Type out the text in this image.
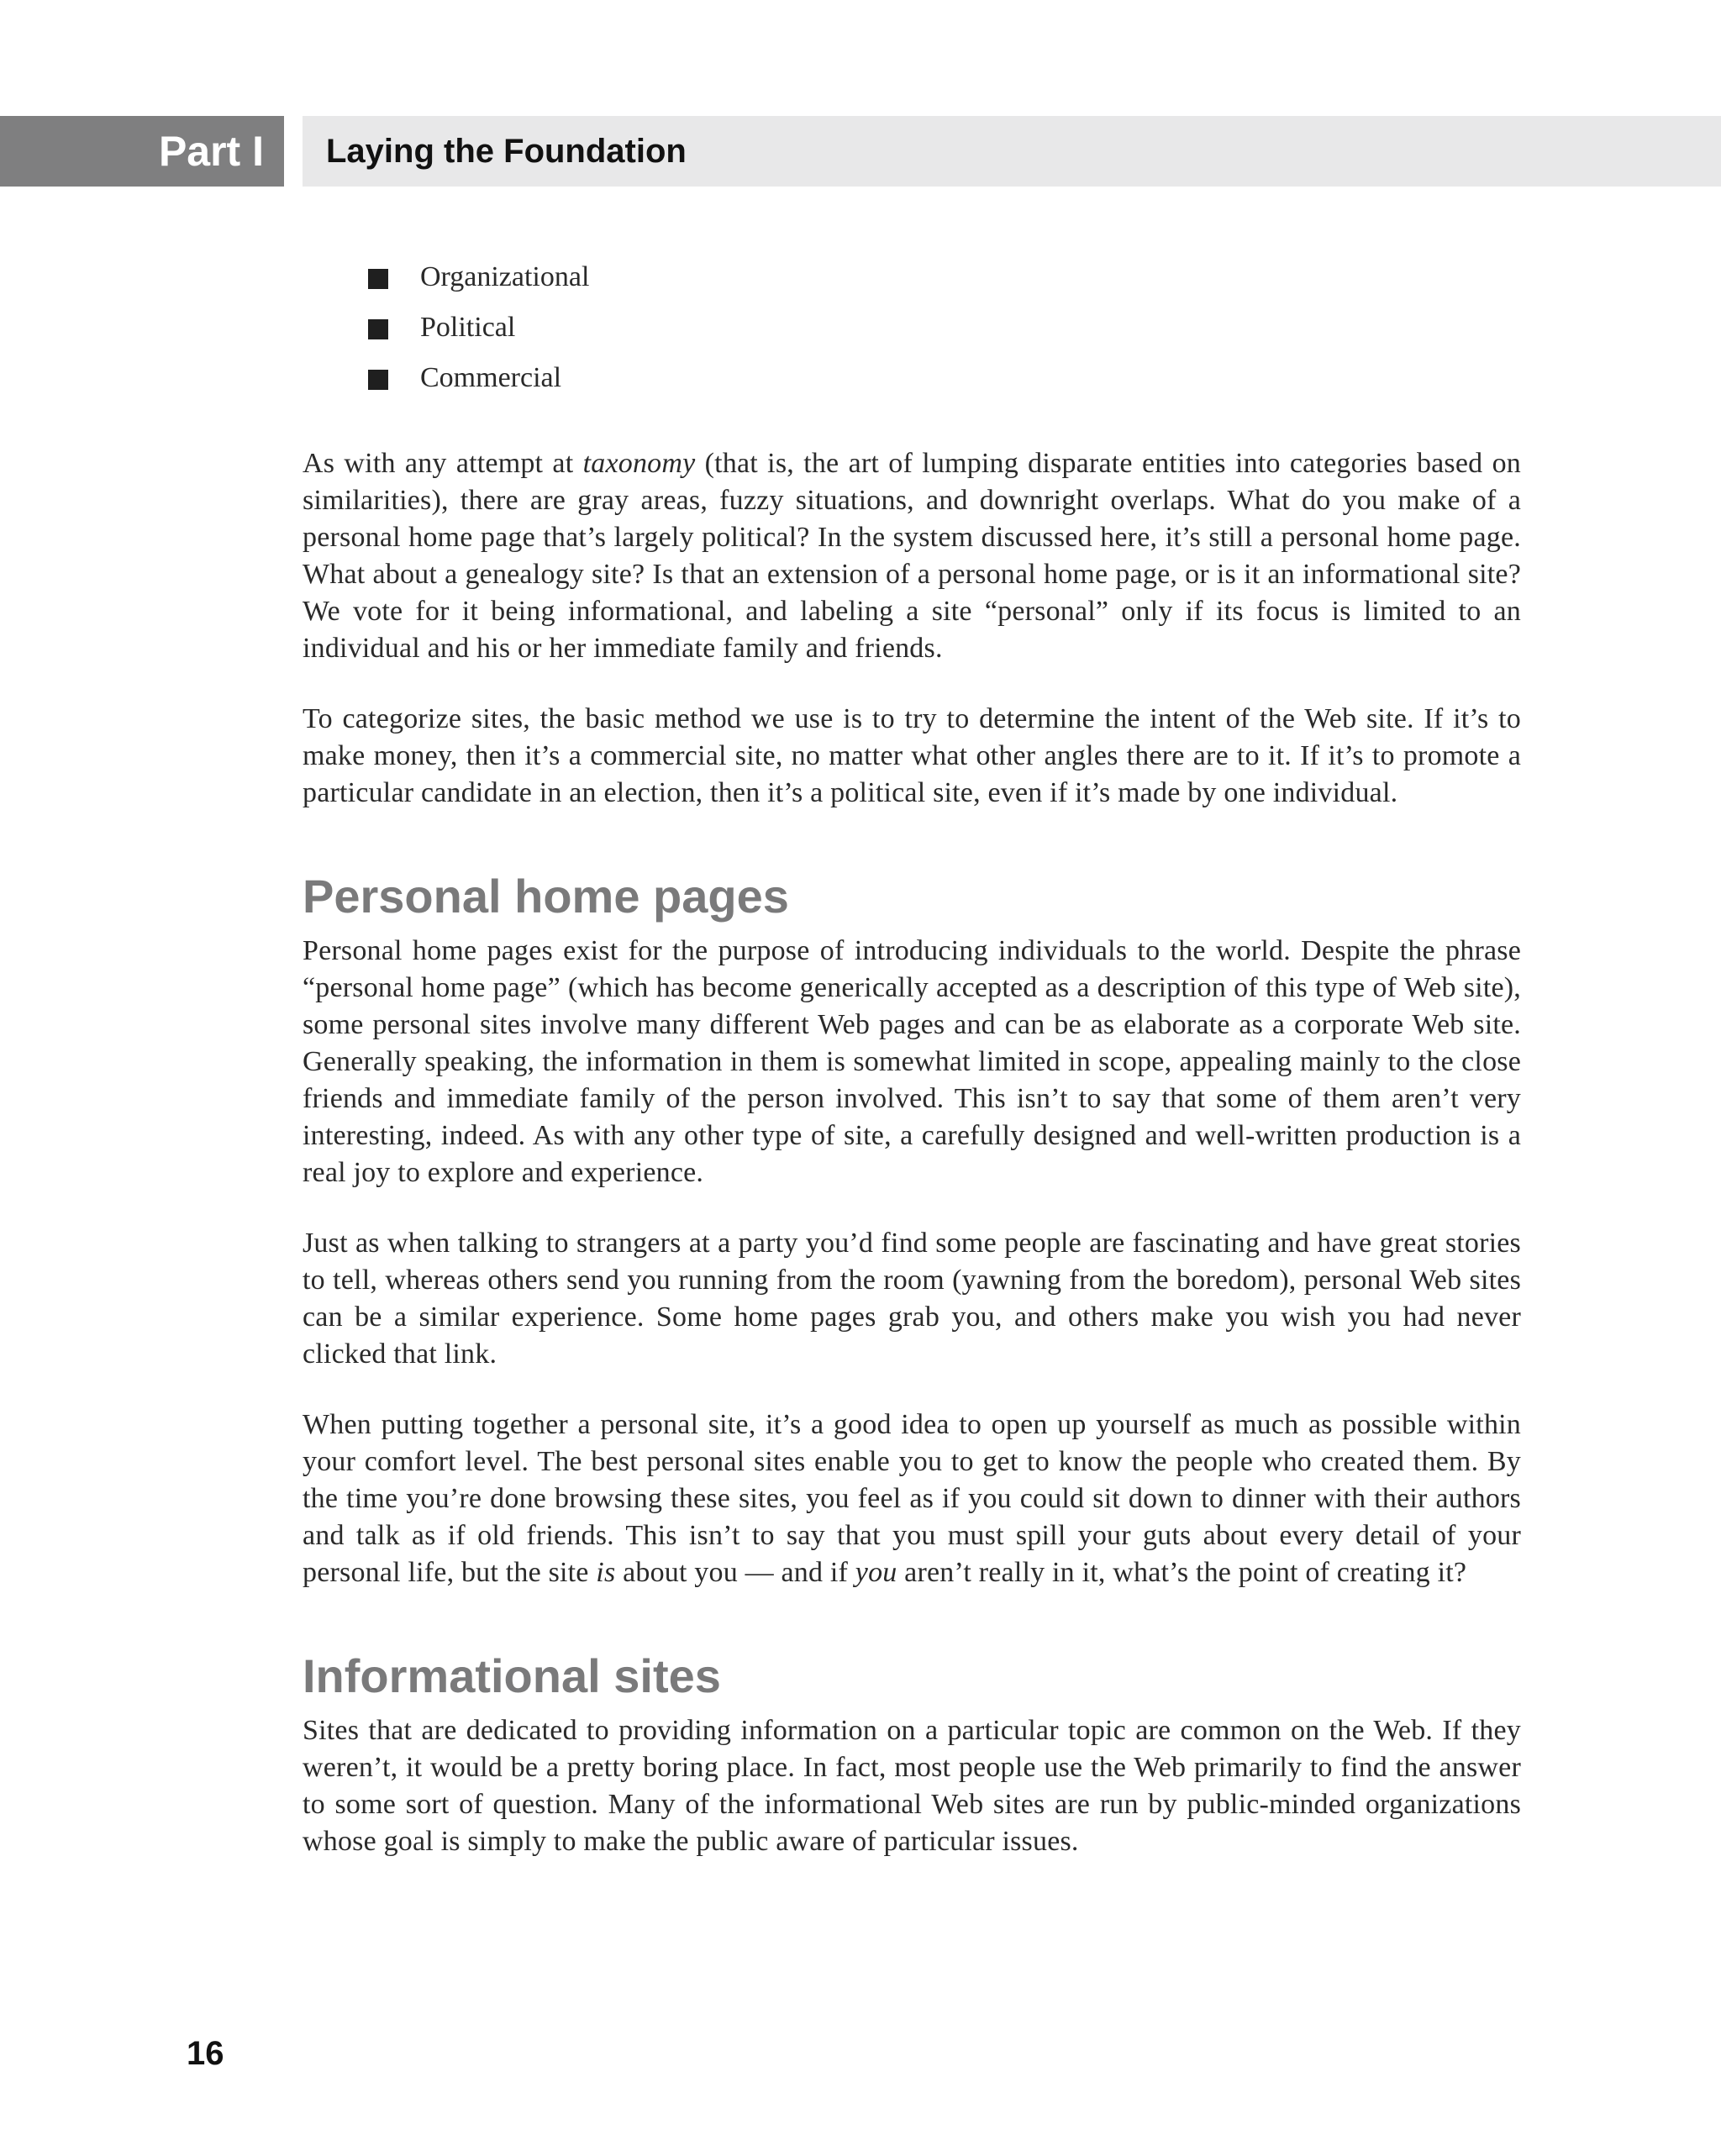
Part I	Laying the Foundation
Organizational
Political
Commercial

As with any attempt at taxonomy (that is, the art of lumping disparate entities into categories based on similarities), there are gray areas, fuzzy situations, and downright overlaps. What do you make of a personal home page that’s largely political? In the system discussed here, it’s still a personal home page. What about a genealogy site? Is that an extension of a personal home page, or is it an informational site? We vote for it being informational, and labeling a site “personal” only if its focus is limited to an individual and his or her immediate family and friends.

To categorize sites, the basic method we use is to try to determine the intent of the Web site. If it’s to make money, then it’s a commercial site, no matter what other angles there are to it. If it’s to promote a particular candidate in an election, then it’s a political site, even if it’s made by one individual.

Personal home pages

Personal home pages exist for the purpose of introducing individuals to the world. Despite the phrase “personal home page” (which has become generically accepted as a description of this type of Web site), some personal sites involve many different Web pages and can be as elaborate as a corporate Web site. Generally speaking, the information in them is somewhat limited in scope, appealing mainly to the close friends and immediate family of the person involved. This isn’t to say that some of them aren’t very interesting, indeed. As with any other type of site, a carefully designed and well-written production is a real joy to explore and experience.

Just as when talking to strangers at a party you’d find some people are fascinating and have great stories to tell, whereas others send you running from the room (yawning from the boredom), personal Web sites can be a similar experience. Some home pages grab you, and others make you wish you had never clicked that link.

When putting together a personal site, it’s a good idea to open up yourself as much as possible within your comfort level. The best personal sites enable you to get to know the people who created them. By the time you’re done browsing these sites, you feel as if you could sit down to dinner with their authors and talk as if old friends. This isn’t to say that you must spill your guts about every detail of your personal life, but the site is about you — and if you aren’t really in it, what’s the point of creating it?

Informational sites

Sites that are dedicated to providing information on a particular topic are common on the Web. If they weren’t, it would be a pretty boring place. In fact, most people use the Web primarily to find the answer to some sort of question. Many of the informational Web sites are run by public-minded organizations whose goal is simply to make the public aware of particular issues.

16
